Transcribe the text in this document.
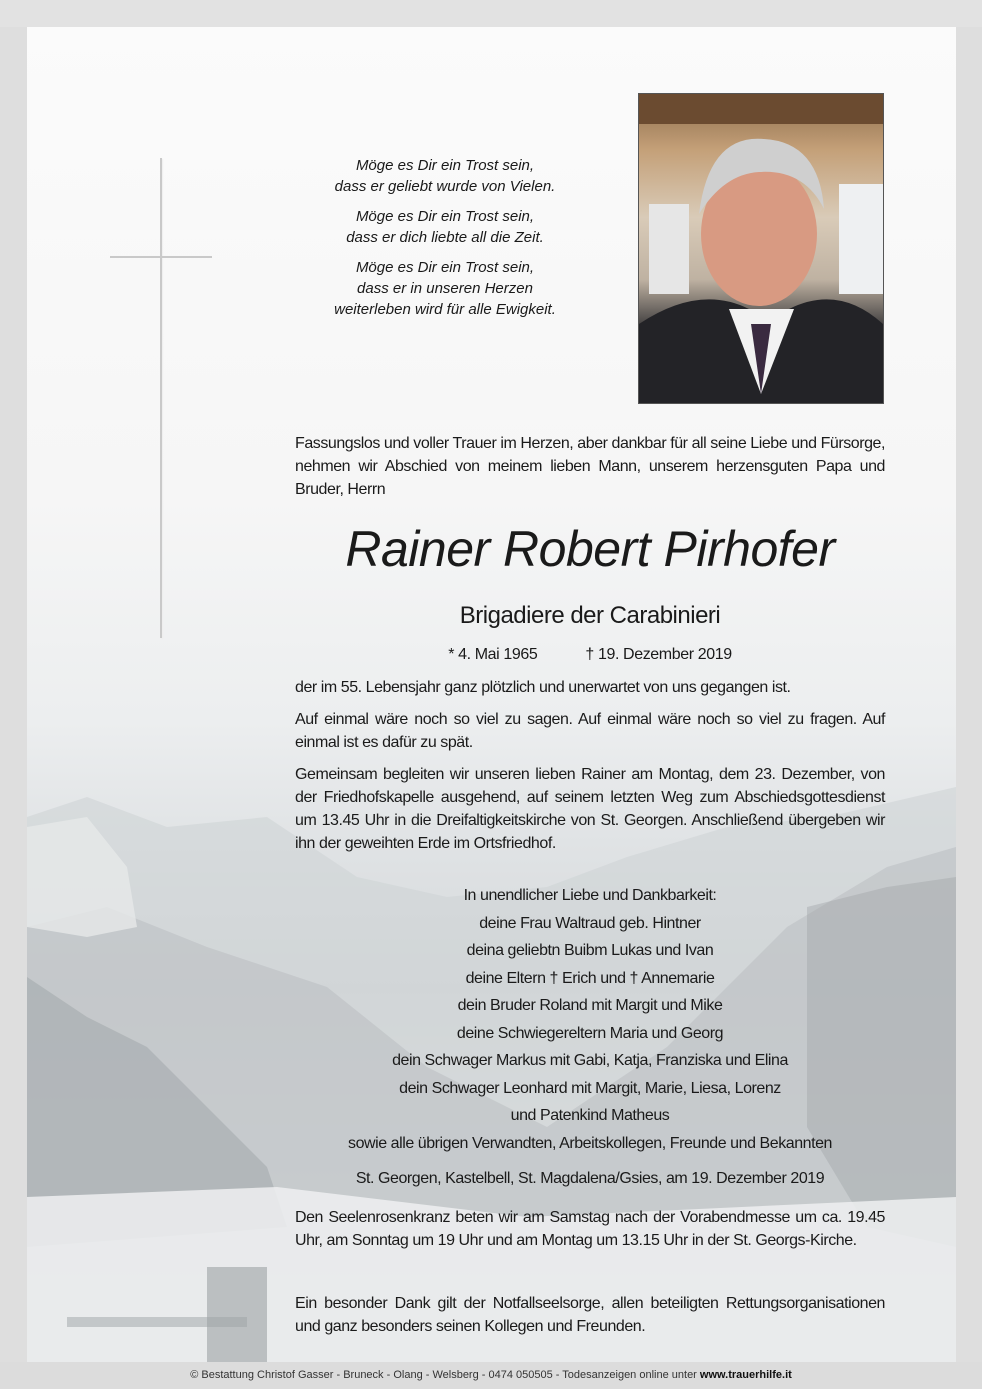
Möge es Dir ein Trost sein,
dass er geliebt wurde von Vielen.

Möge es Dir ein Trost sein,
dass er dich liebte all die Zeit.

Möge es Dir ein Trost sein,
dass er in unseren Herzen
weiterleben wird für alle Ewigkeit.

Fassungslos und voller Trauer im Herzen, aber dankbar für all seine Liebe und Fürsorge, nehmen wir Abschied von meinem lieben Mann, unserem herzensguten Papa und Bruder, Herrn
Rainer Robert Pirhofer
Brigadiere der Carabinieri
* 4. Mai 1965	† 19. Dezember 2019

der im 55. Lebensjahr ganz plötzlich und unerwartet von uns gegangen ist.

Auf einmal wäre noch so viel zu sagen. Auf einmal wäre noch so viel zu fragen. Auf einmal ist es dafür zu spät.

Gemeinsam begleiten wir unseren lieben Rainer am Montag, dem 23. Dezember, von der Friedhofskapelle ausgehend, auf seinem letzten Weg zum Abschiedsgottesdienst um 13.45 Uhr in die Dreifaltigkeitskirche von St. Georgen. Anschließend übergeben wir ihn der geweihten Erde im Ortsfriedhof.

In unendlicher Liebe und Dankbarkeit:
deine Frau Waltraud geb. Hintner
deina geliebtn Buibm Lukas und Ivan
deine Eltern † Erich und † Annemarie
dein Bruder Roland mit Margit und Mike
deine Schwiegereltern Maria und Georg
dein Schwager Markus mit Gabi, Katja, Franziska und Elina
dein Schwager Leonhard mit Margit, Marie, Liesa, Lorenz
und Patenkind Matheus
sowie alle übrigen Verwandten, Arbeitskollegen, Freunde und Bekannten
St. Georgen, Kastelbell, St. Magdalena/Gsies, am 19. Dezember 2019
Den Seelenrosenkranz beten wir am Samstag nach der Vorabendmesse um ca. 19.45 Uhr, am Sonntag um 19 Uhr und am Montag um 13.15 Uhr in der St. Georgs-Kirche.
Ein besonder Dank gilt der Notfallseelsorge, allen beteiligten Rettungsorganisationen und ganz besonders seinen Kollegen und Freunden.
© Bestattung Christof Gasser - Bruneck - Olang - Welsberg - 0474 050505 - Todesanzeigen online unter www.trauerhilfe.it
